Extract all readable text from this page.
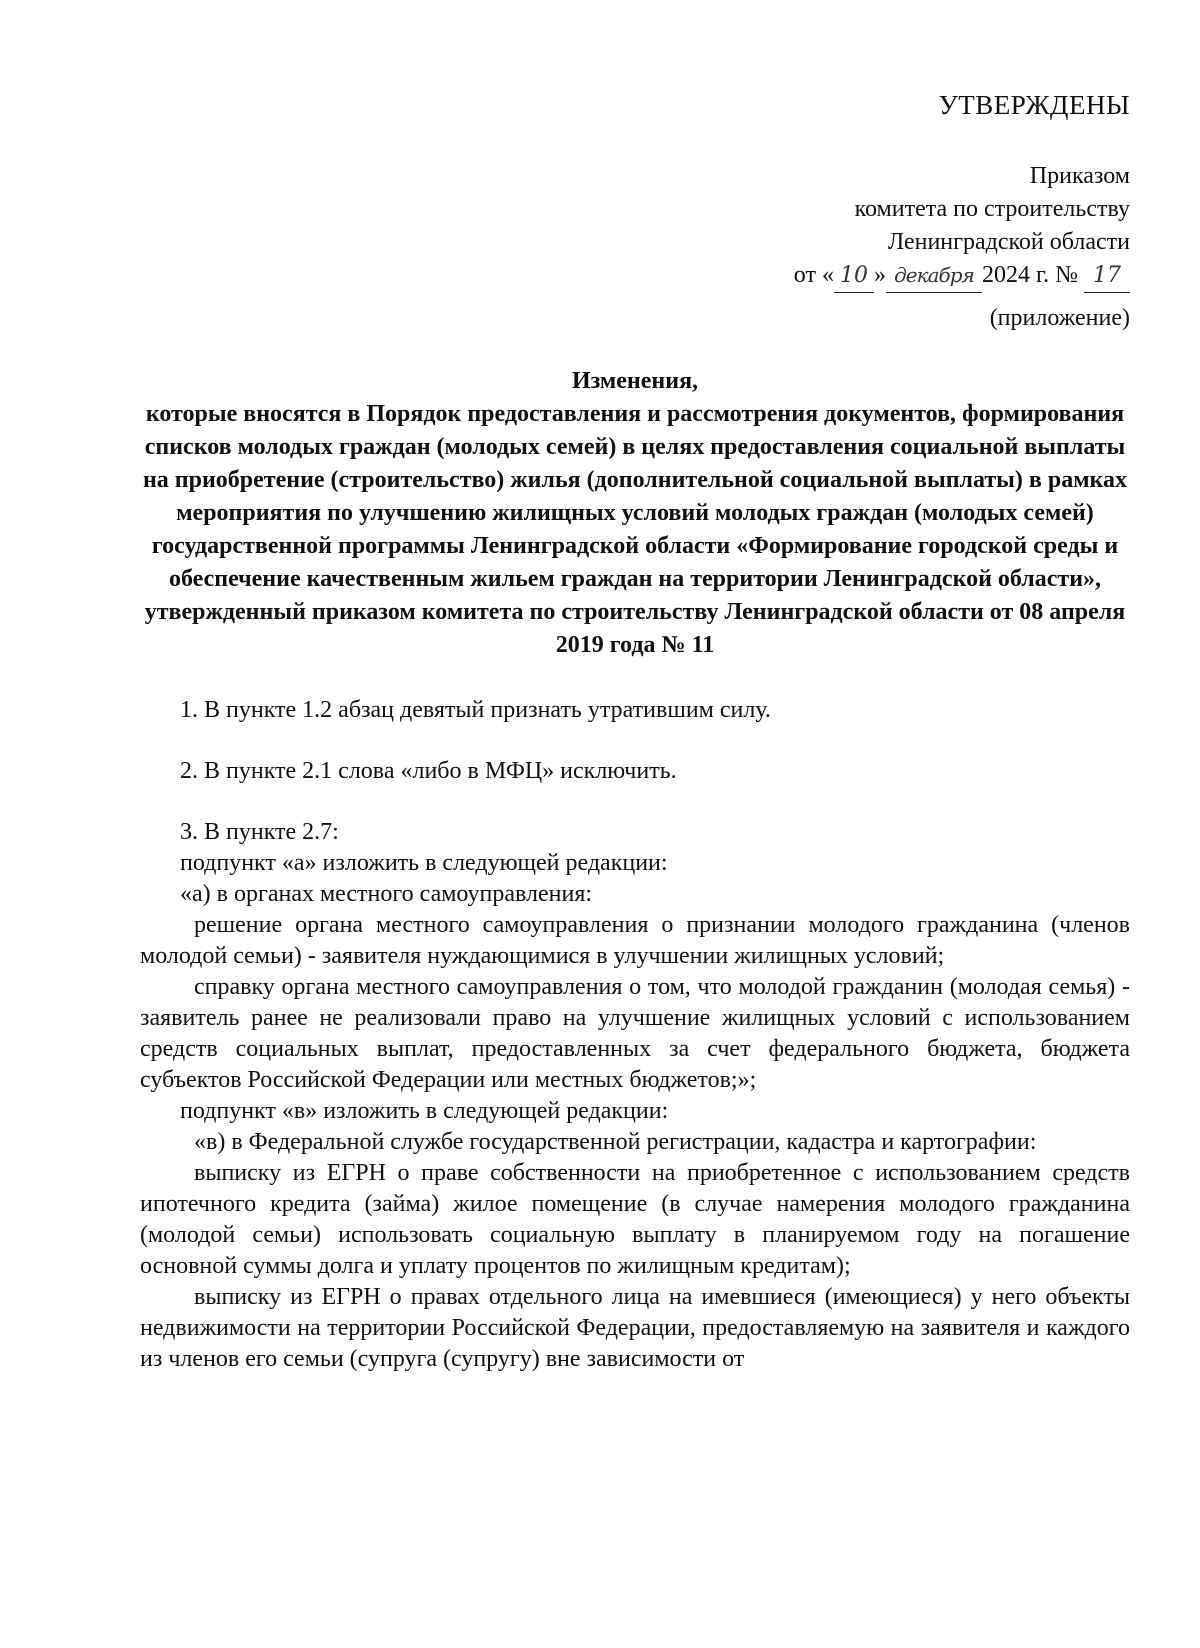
УТВЕРЖДЕНЫ
Приказом
комитета по строительству
Ленинградской области
от « 10 » декабря 2024 г. № 17
(приложение)
Изменения,
которые вносятся в Порядок предоставления и рассмотрения документов, формирования списков молодых граждан (молодых семей) в целях предоставления социальной выплаты на приобретение (строительство) жилья (дополнительной социальной выплаты) в рамках мероприятия по улучшению жилищных условий молодых граждан (молодых семей) государственной программы Ленинградской области «Формирование городской среды и обеспечение качественным жильем граждан на территории Ленинградской области», утвержденный приказом комитета по строительству Ленинградской области от 08 апреля 2019 года № 11
1. В пункте 1.2 абзац девятый признать утратившим силу.
2. В пункте 2.1 слова «либо в МФЦ» исключить.
3. В пункте 2.7:
подпункт «а» изложить в следующей редакции:
«а) в органах местного самоуправления:
решение органа местного самоуправления о признании молодого гражданина (членов молодой семьи) - заявителя нуждающимися в улучшении жилищных условий;
справку органа местного самоуправления о том, что молодой гражданин (молодая семья) - заявитель ранее не реализовали право на улучшение жилищных условий с использованием средств социальных выплат, предоставленных за счет федерального бюджета, бюджета субъектов Российской Федерации или местных бюджетов;»;
подпункт «в» изложить в следующей редакции:
«в) в Федеральной службе государственной регистрации, кадастра и картографии:
выписку из ЕГРН о праве собственности на приобретенное с использованием средств ипотечного кредита (займа) жилое помещение (в случае намерения молодого гражданина (молодой семьи) использовать социальную выплату в планируемом году на погашение основной суммы долга и уплату процентов по жилищным кредитам);
выписку из ЕГРН о правах отдельного лица на имевшиеся (имеющиеся) у него объекты недвижимости на территории Российской Федерации, предоставляемую на заявителя и каждого из членов его семьи (супруга (супругу) вне зависимости от
